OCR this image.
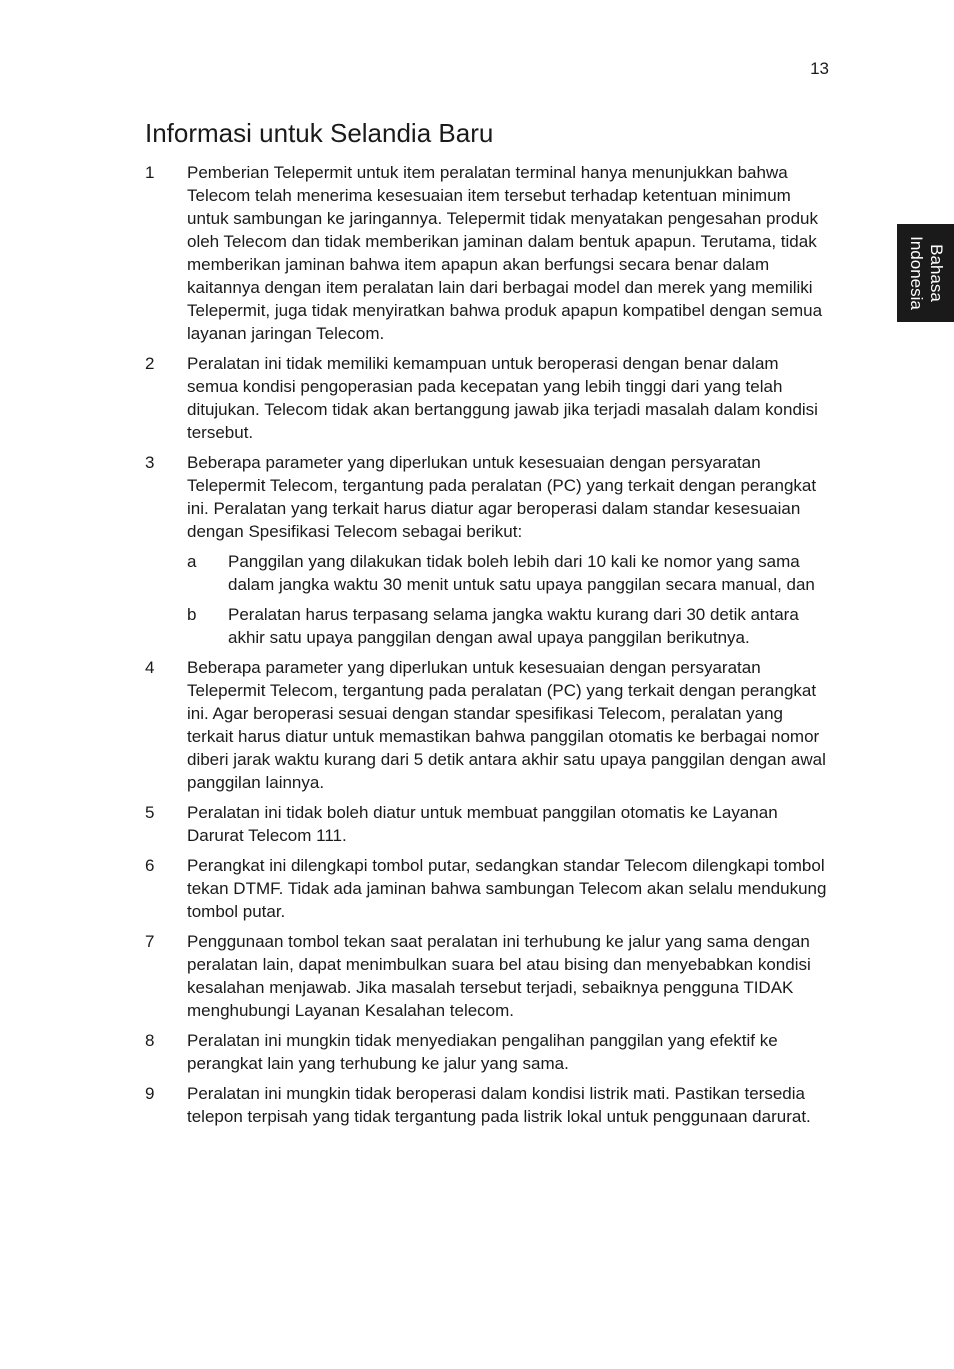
13
Bahasa
Indonesia
Informasi untuk Selandia Baru
1	Pemberian Telepermit untuk item peralatan terminal hanya menunjukkan bahwa Telecom telah menerima kesesuaian item tersebut terhadap ketentuan minimum untuk sambungan ke jaringannya. Telepermit tidak menyatakan pengesahan produk oleh Telecom dan tidak memberikan jaminan dalam bentuk apapun. Terutama, tidak memberikan jaminan bahwa item apapun akan berfungsi secara benar dalam kaitannya dengan item peralatan lain dari berbagai model dan merek yang memiliki Telepermit, juga tidak menyiratkan bahwa produk apapun kompatibel dengan semua layanan jaringan Telecom.

2	Peralatan ini tidak memiliki kemampuan untuk beroperasi dengan benar dalam semua kondisi pengoperasian pada kecepatan yang lebih tinggi dari yang telah ditujukan. Telecom tidak akan bertanggung jawab jika terjadi masalah dalam kondisi tersebut.

3	Beberapa parameter yang diperlukan untuk kesesuaian dengan persyaratan Telepermit Telecom, tergantung pada peralatan (PC) yang terkait dengan perangkat ini. Peralatan yang terkait harus diatur agar beroperasi dalam standar kesesuaian dengan Spesifikasi Telecom sebagai berikut:

a	Panggilan yang dilakukan tidak boleh lebih dari 10 kali ke nomor yang sama dalam jangka waktu 30 menit untuk satu upaya panggilan secara manual, dan
b	Peralatan harus terpasang selama jangka waktu kurang dari 30 detik antara akhir satu upaya panggilan dengan awal upaya panggilan berikutnya.
4	Beberapa parameter yang diperlukan untuk kesesuaian dengan persyaratan Telepermit Telecom, tergantung pada peralatan (PC) yang terkait dengan perangkat ini. Agar beroperasi sesuai dengan standar spesifikasi Telecom, peralatan yang terkait harus diatur untuk memastikan bahwa panggilan otomatis ke berbagai nomor diberi jarak waktu kurang dari 5 detik antara akhir satu upaya panggilan dengan awal panggilan lainnya.

5	Peralatan ini tidak boleh diatur untuk membuat panggilan otomatis ke Layanan Darurat Telecom 111.

6	Perangkat ini dilengkapi tombol putar, sedangkan standar Telecom dilengkapi tombol tekan DTMF. Tidak ada jaminan bahwa sambungan Telecom akan selalu mendukung tombol putar.

7	Penggunaan tombol tekan saat peralatan ini terhubung ke jalur yang sama dengan peralatan lain, dapat menimbulkan suara bel atau bising dan menyebabkan kondisi kesalahan menjawab. Jika masalah tersebut terjadi, sebaiknya pengguna TIDAK menghubungi Layanan Kesalahan telecom.

8	Peralatan ini mungkin tidak menyediakan pengalihan panggilan yang efektif ke perangkat lain yang terhubung ke jalur yang sama.

9	Peralatan ini mungkin tidak beroperasi dalam kondisi listrik mati. Pastikan tersedia telepon terpisah yang tidak tergantung pada listrik lokal untuk penggunaan darurat.
